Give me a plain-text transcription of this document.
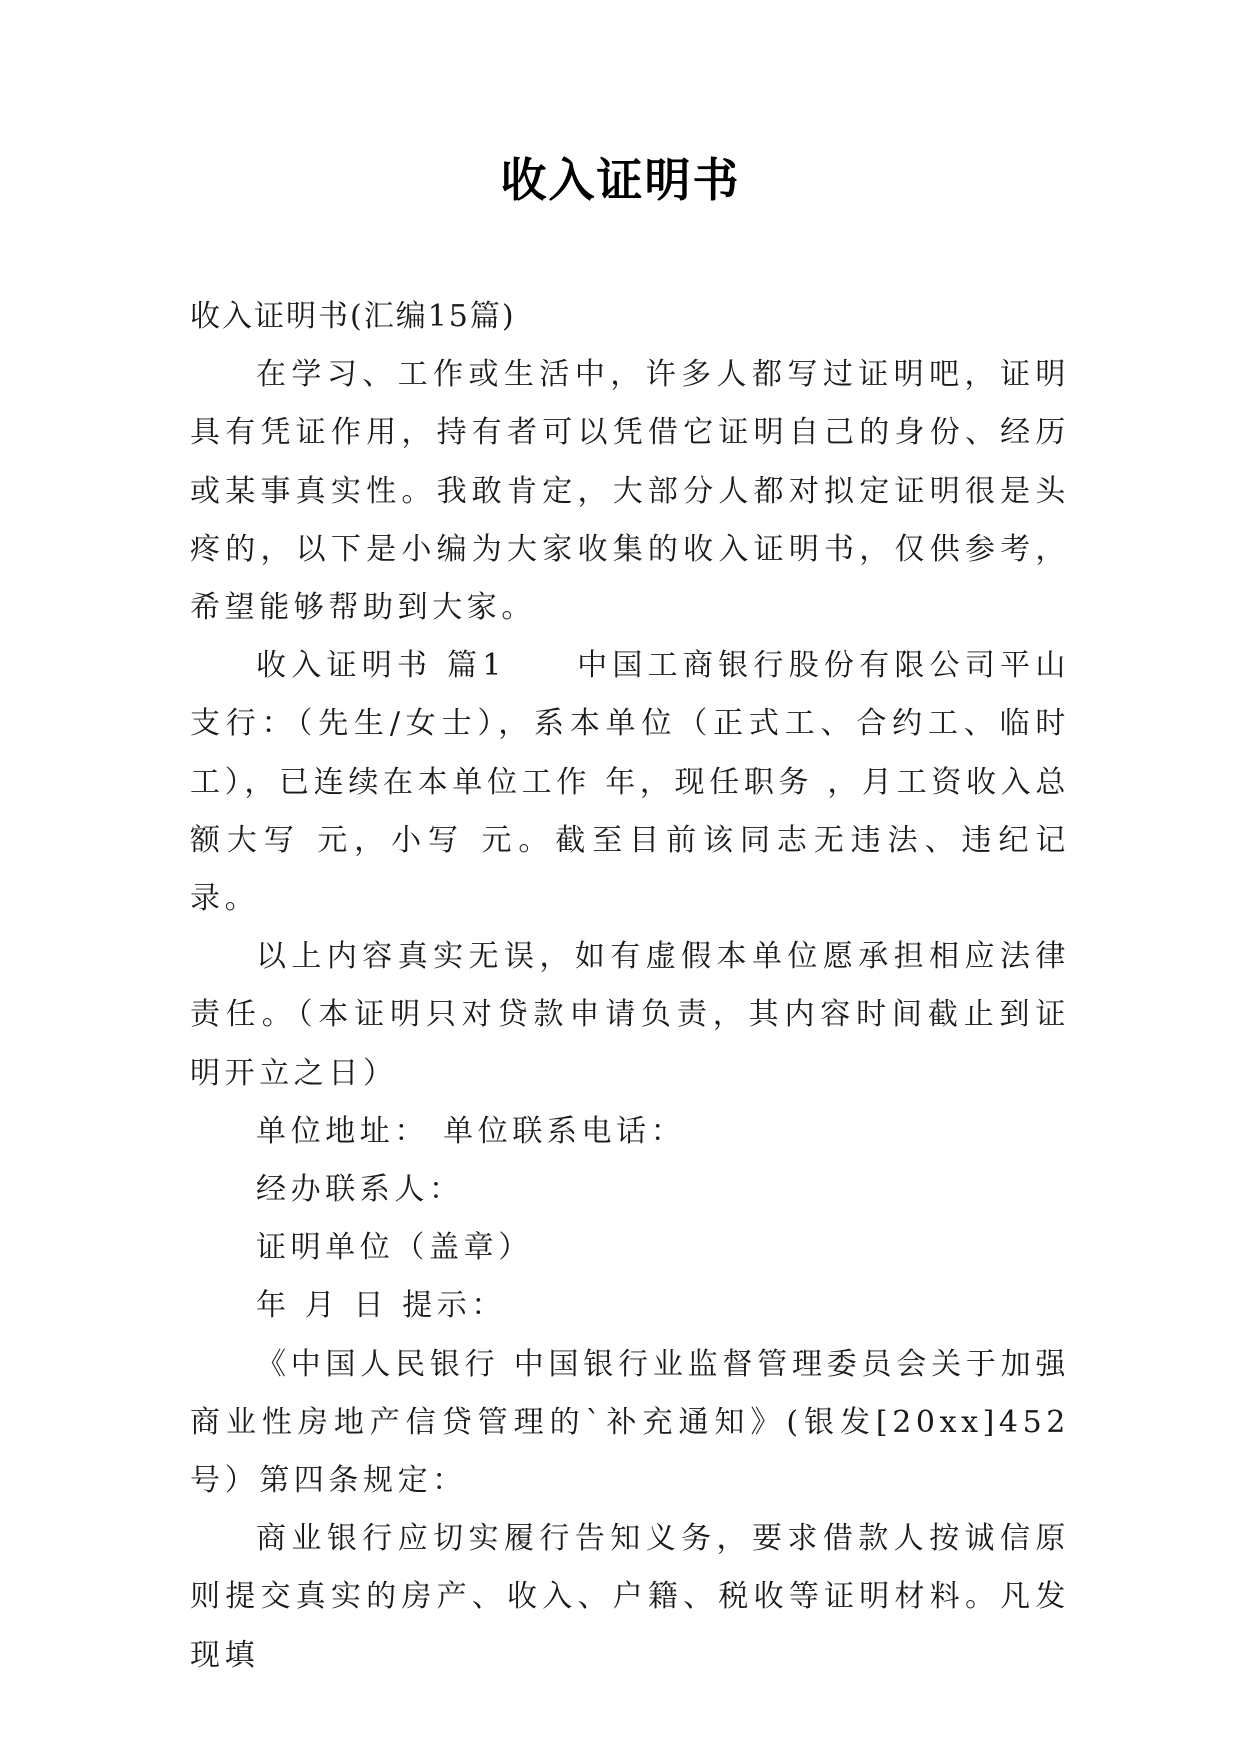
收入证明书

收入证明书(汇编15篇)

在学习、工作或生活中，许多人都写过证明吧，证明具有凭证作用，持有者可以凭借它证明自己的身份、经历或某事真实性。我敢肯定，大部分人都对拟定证明很是头疼的，以下是小编为大家收集的收入证明书，仅供参考，希望能够帮助到大家。

收入证明书 篇1　　中国工商银行股份有限公司平山支行：（先生/女士），系本单位（正式工、合约工、临时工），已连续在本单位工作 年，现任职务 ，月工资收入总额大写 元，小写 元。截至目前该同志无违法、违纪记录。

以上内容真实无误，如有虚假本单位愿承担相应法律责任。（本证明只对贷款申请负责，其内容时间截止到证明开立之日）

单位地址： 单位联系电话：

经办联系人：

证明单位（盖章）

年 月 日 提示：

《中国人民银行 中国银行业监督管理委员会关于加强商业性房地产信贷管理的`补充通知》(银发[20xx]452号）第四条规定：

商业银行应切实履行告知义务，要求借款人按诚信原则提交真实的房产、收入、户籍、税收等证明材料。凡发现填
